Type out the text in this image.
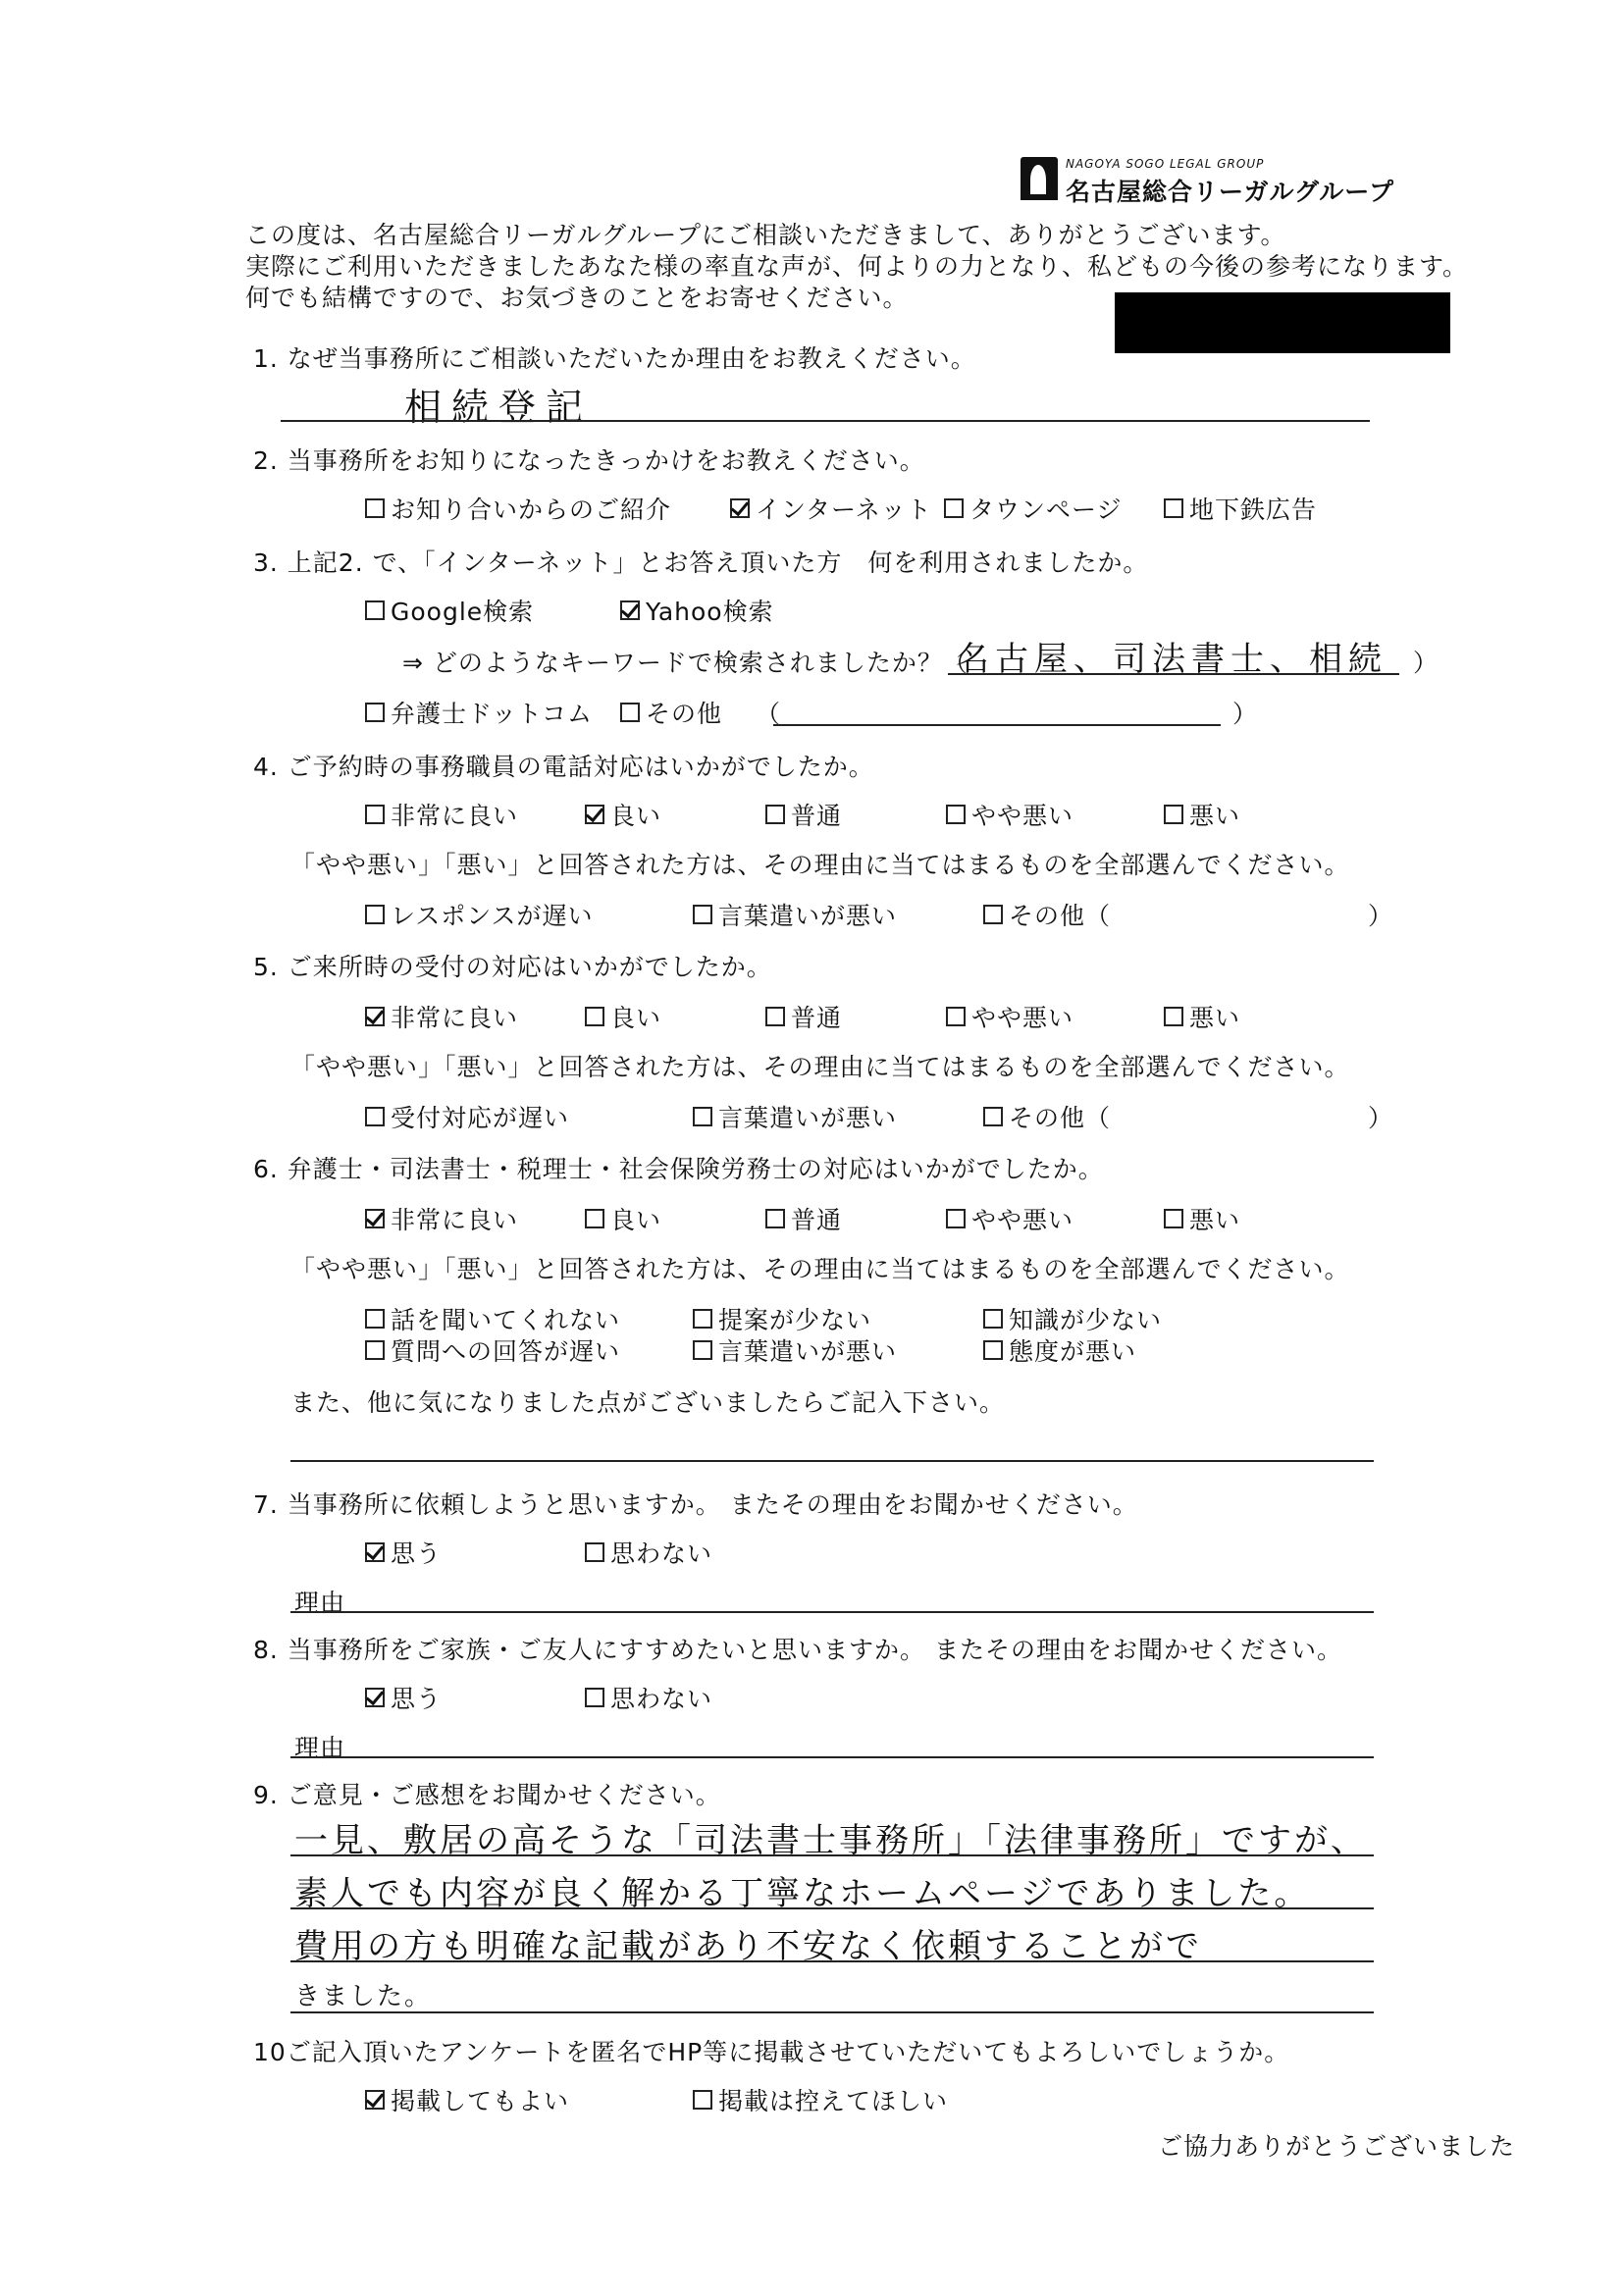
NAGOYA SOGO LEGAL GROUP
名古屋総合リーガルグループ
この度は、名古屋総合リーガルグループにご相談いただきまして、ありがとうございます。
実際にご利用いただきましたあなた様の率直な声が、何よりの力となり、私どもの今後の参考になります。
何でも結構ですので、お気づきのことをお寄せください。
1. なぜ当事務所にご相談いただいたか理由をお教えください。
相続登記
2. 当事務所をお知りになったきっかけをお教えください。
お知り合いからのご紹介	インターネット タウンページ	地下鉄広告
3. 上記2. で、「インターネット」とお答え頂いた方　何を利用されましたか。
Google検索	Yahoo検索
⇒ どのようなキーワードで検索されましたか？（
名古屋、司法書士、相続 ）
弁護士ドットコム その他 （	）
4. ご予約時の事務職員の電話対応はいかがでしたか。
非常に良い	良い	普通	やや悪い	悪い
「やや悪い」「悪い」と回答された方は、その理由に当てはまるものを全部選んでください。
レスポンスが遅い	言葉遣いが悪い	その他（	）
5. ご来所時の受付の対応はいかがでしたか。
非常に良い	良い	普通	やや悪い	悪い
「やや悪い」「悪い」と回答された方は、その理由に当てはまるものを全部選んでください。
受付対応が遅い	言葉遣いが悪い	その他（	）
6. 弁護士・司法書士・税理士・社会保険労務士の対応はいかがでしたか。
非常に良い	良い	普通	やや悪い	悪い
「やや悪い」「悪い」と回答された方は、その理由に当てはまるものを全部選んでください。
話を聞いてくれない	提案が少ない	知識が少ない
質問への回答が遅い	言葉遣いが悪い	態度が悪い
また、他に気になりました点がございましたらご記入下さい。
7. 当事務所に依頼しようと思いますか。 またその理由をお聞かせください。
思う	思わない
理由
8. 当事務所をご家族・ご友人にすすめたいと思いますか。 またその理由をお聞かせください。
思う	思わない
理由
9. ご意見・ご感想をお聞かせください。
一見、敷居の高そうな「司法書士事務所」「法律事務所」ですが、
素人でも内容が良く解かる丁寧なホームページでありました。
費用の方も明確な記載があり不安なく依頼することがで
きました。
10ご記入頂いたアンケートを匿名でHP等に掲載させていただいてもよろしいでしょうか。
掲載してもよい	掲載は控えてほしい
ご協力ありがとうございました
